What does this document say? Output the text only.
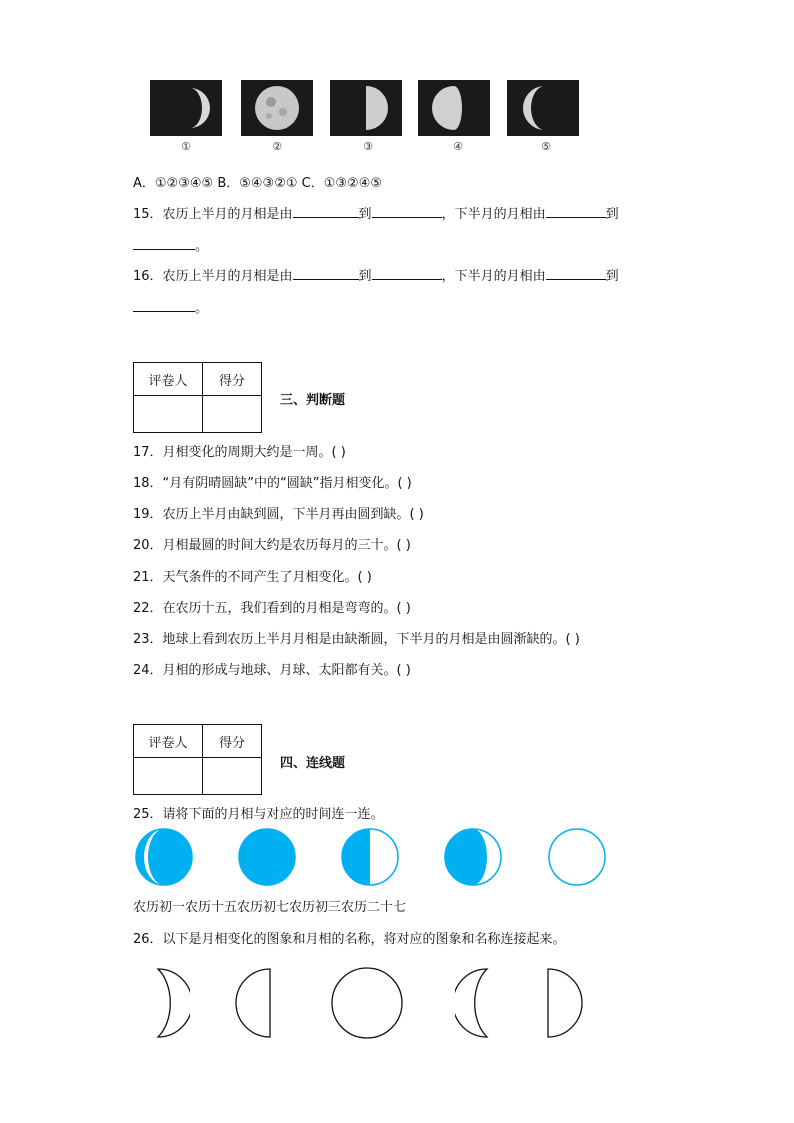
①	②	③	④	⑤
A．①②③④⑤ B．⑤④③②① C．①③②④⑤
15．农历上半月的月相是由	到	，下半月的月相由	到
。
16．农历上半月的月相是由	到	，下半月的月相由	到
。
评卷人	得分

三、判断题
17．月相变化的周期大约是一周。( )
18．“月有阴晴圆缺”中的“圆缺”指月相变化。( )
19．农历上半月由缺到圆，下半月再由圆到缺。( )
20．月相最圆的时间大约是农历每月的三十。( )
21．天气条件的不同产生了月相变化。( )
22．在农历十五，我们看到的月相是弯弯的。( )
23．地球上看到农历上半月月相是由缺渐圆，下半月的月相是由圆渐缺的。( )
24．月相的形成与地球、月球、太阳都有关。( )
评卷人	得分

四、连线题
25．请将下面的月相与对应的时间连一连。
农历初一农历十五农历初七农历初三农历二十七
26．以下是月相变化的图象和月相的名称，将对应的图象和名称连接起来。
